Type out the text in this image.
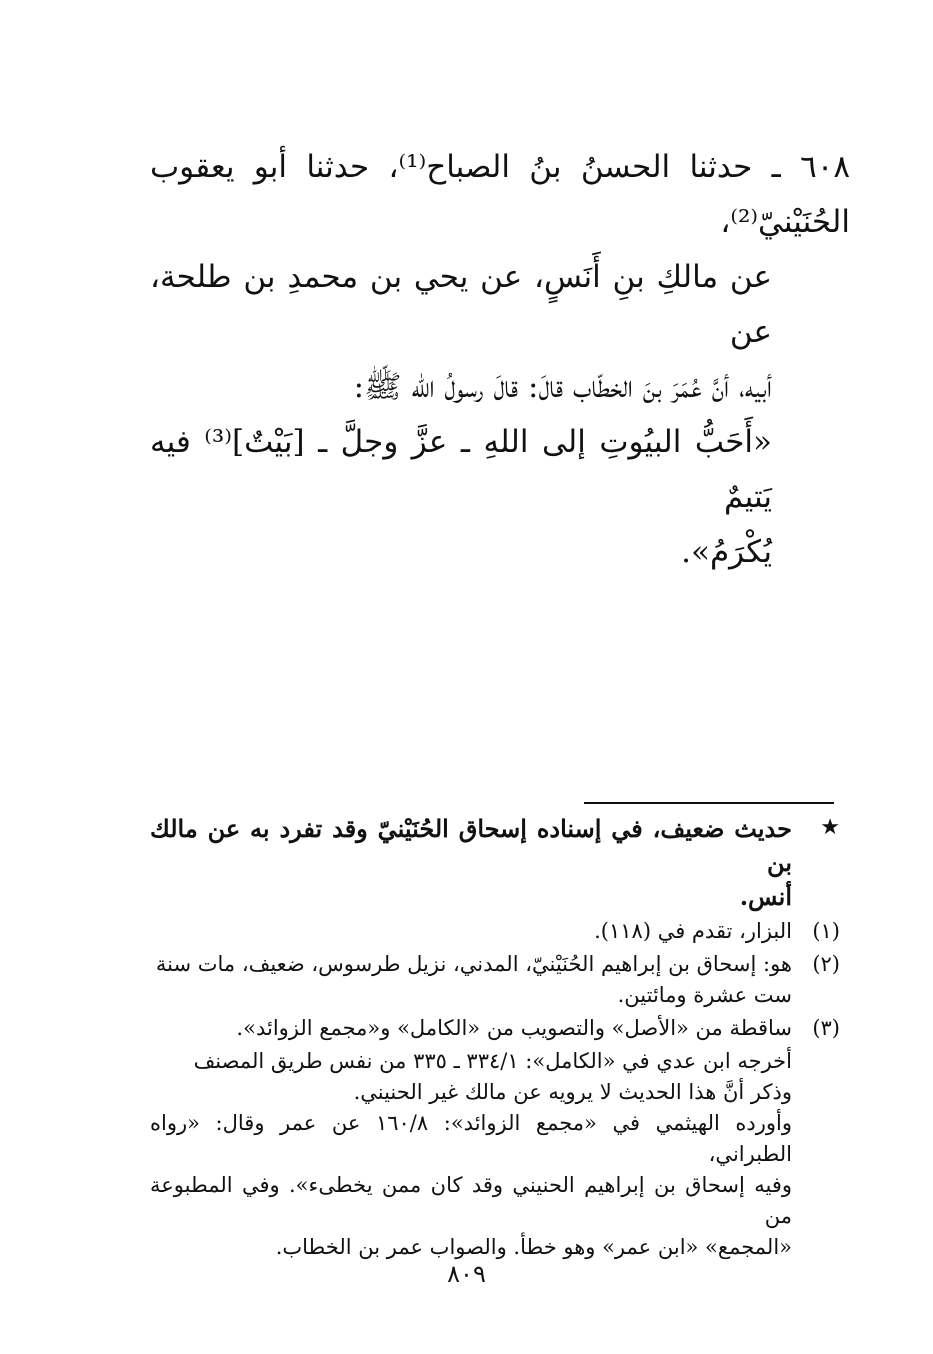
٦٠٨ ـ حدثنا الحسنُ بنُ الصباح⁽¹⁾، حدثنا أبو يعقوب الحُنَيْنيّ⁽²⁾،
عن مالكِ بنِ أَنَسٍ، عن يحي بن محمدِ بن طلحة، عن
أبيه، أنَّ عُمَرَ بنَ الخطّاب قالَ: قالَ رسولُ الله ﷺ:
«أَحَبُّ البيُوتِ إلى اللهِ ـ عزَّ وجلَّ ـ [بَيْتٌ]⁽³⁾ فيه يَتيمٌ
يُكْرَمُ».
★
حديث ضعيف، في إسناده إسحاق الحُنَيْنيّ وقد تفرد به عن مالك بن
أنس.
(١)
البزار، تقدم في (١١٨).
(٢)
هو: إسحاق بن إبراهيم الحُنَيْنيّ، المدني، نزيل طرسوس، ضعيف، مات سنة
ست عشرة ومائتين.
(٣)
ساقطة من «الأصل» والتصويب من «الكامل» و«مجمع الزوائد».
أخرجه ابن عدي في «الكامل»: ٣٣٤/١ ـ ٣٣٥ من نفس طريق المصنف
وذكر أنَّ هذا الحديث لا يرويه عن مالك غير الحنيني.
وأورده الهيثمي في «مجمع الزوائد»: ١٦٠/٨ عن عمر وقال: «رواه الطبراني،
وفيه إسحاق بن إبراهيم الحنيني وقد كان ممن يخطىء». وفي المطبوعة من
«المجمع» «ابن عمر» وهو خطأ. والصواب عمر بن الخطاب.
٨٠٩
